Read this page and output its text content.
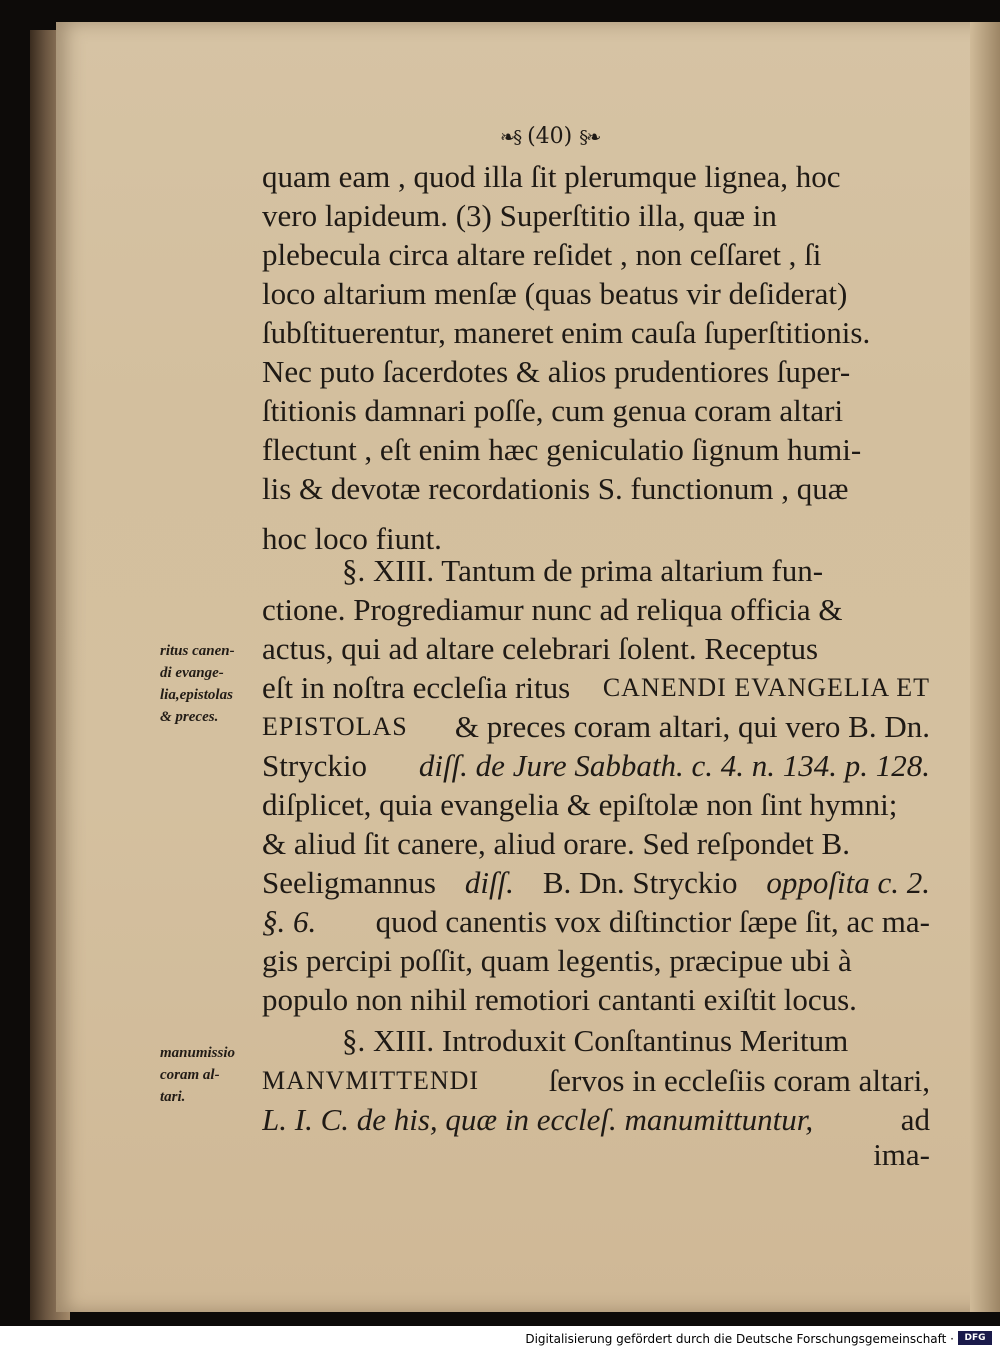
❧§ (40) §❧
quam eam , quod illa ſit plerumque lignea, hoc
vero lapideum. (3) Superſtitio illa, quæ in
plebecula circa altare reſidet , non ceſſaret , ſi
loco altarium menſæ (quas beatus vir deſiderat)
ſubſtituerentur, maneret enim cauſa ſuperſtitionis.
Nec puto ſacerdotes & alios prudentiores ſuper-
ſtitionis damnari poſſe, cum genua coram altari
flectunt , eſt enim hæc geniculatio ſignum humi-
lis & devotæ recordationis S. functionum , quæ
hoc loco fiunt.
§. XIII. Tantum de prima altarium fun-
ctione. Progrediamur nunc ad reliqua officia &
actus, qui ad altare celebrari ſolent. Receptus
eſt in noſtra eccleſia ritus CANENDI EVANGELIA ET
EPISTOLAS & preces coram altari, qui vero B. Dn.
Stryckio diſſ. de Jure Sabbath. c. 4. n. 134. p. 128.
diſplicet, quia evangelia & epiſtolæ non ſint hymni;
& aliud ſit canere, aliud orare. Sed reſpondet B.
Seeligmannus diſſ. B. Dn. Stryckio oppoſita c. 2.
§. 6. quod canentis vox diſtinctior ſæpe ſit, ac ma-
gis percipi poſſit, quam legentis, præcipue ubi à
populo non nihil remotiori cantanti exiſtit locus.
§. XIII. Introduxit Conſtantinus Meritum
MANVMITTENDI ſervos in eccleſiis coram altari,
L. I. C. de his, quæ in eccleſ. manumittuntur,	ad
ima-
ritus canen-
di evange-
lia,epistolas
& preces.
manumissio
coram al-
tari.
Digitalisierung gefördert durch die Deutsche Forschungsgemeinschaft ·	DFG
